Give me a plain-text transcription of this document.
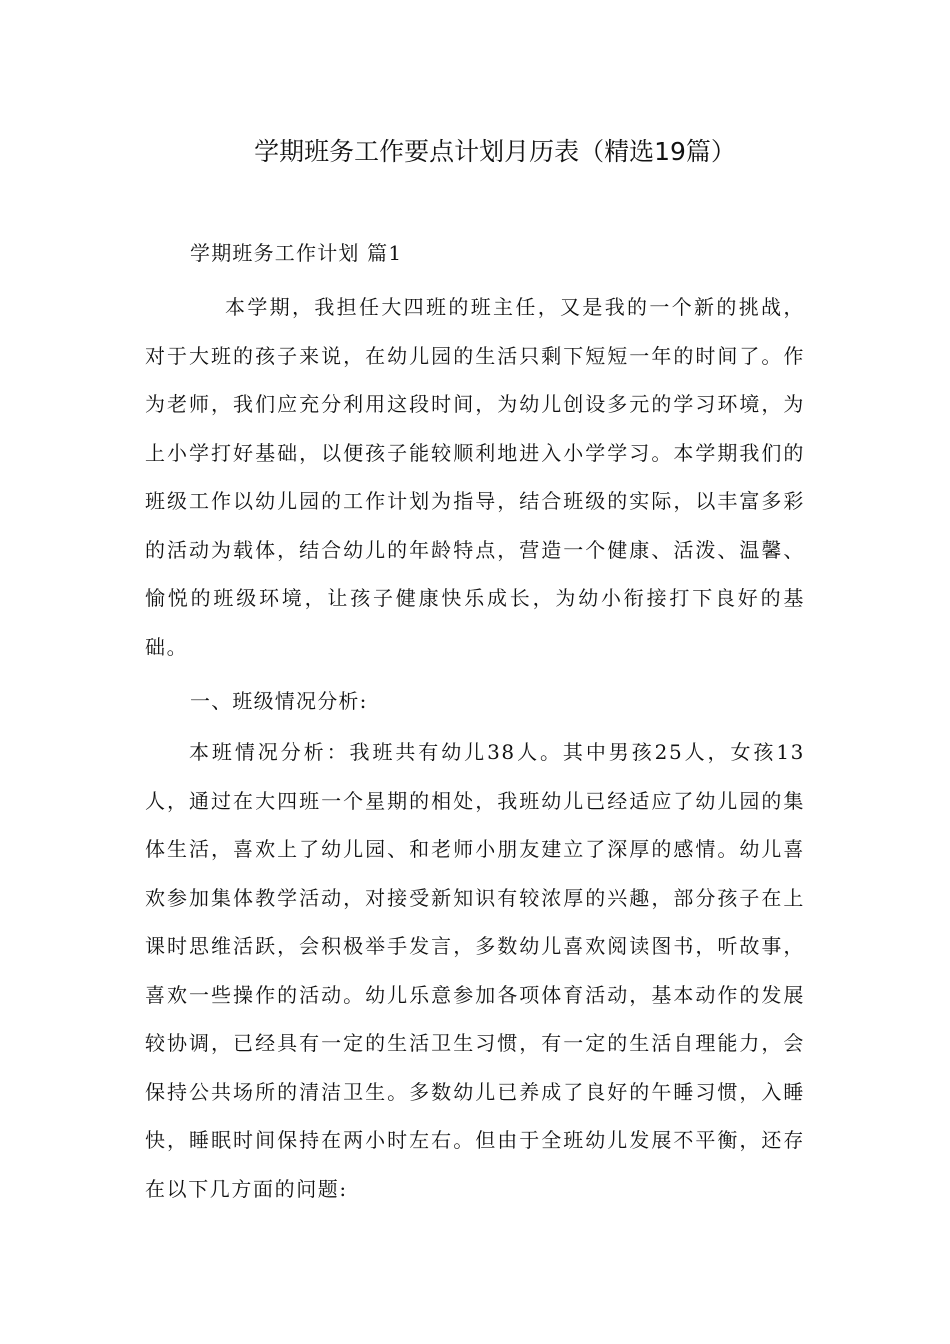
学期班务工作要点计划月历表（精选19篇）
学期班务工作计划 篇1

本学期，我担任大四班的班主任，又是我的一个新的挑战，对于大班的孩子来说，在幼儿园的生活只剩下短短一年的时间了。作为老师，我们应充分利用这段时间，为幼儿创设多元的学习环境，为上小学打好基础，以便孩子能较顺利地进入小学学习。本学期我们的班级工作以幼儿园的工作计划为指导，结合班级的实际，以丰富多彩的活动为载体，结合幼儿的年龄特点，营造一个健康、活泼、温馨、愉悦的班级环境，让孩子健康快乐成长，为幼小衔接打下良好的基础。

一、班级情况分析:

本班情况分析：我班共有幼儿38人。其中男孩25人，女孩13人，通过在大四班一个星期的相处，我班幼儿已经适应了幼儿园的集体生活，喜欢上了幼儿园、和老师小朋友建立了深厚的感情。幼儿喜欢参加集体教学活动，对接受新知识有较浓厚的兴趣，部分孩子在上课时思维活跃，会积极举手发言，多数幼儿喜欢阅读图书，听故事，喜欢一些操作的活动。幼儿乐意参加各项体育活动，基本动作的发展较协调，已经具有一定的生活卫生习惯，有一定的生活自理能力，会保持公共场所的清洁卫生。多数幼儿已养成了良好的午睡习惯，入睡快，睡眠时间保持在两小时左右。但由于全班幼儿发展不平衡，还存在以下几方面的问题:
